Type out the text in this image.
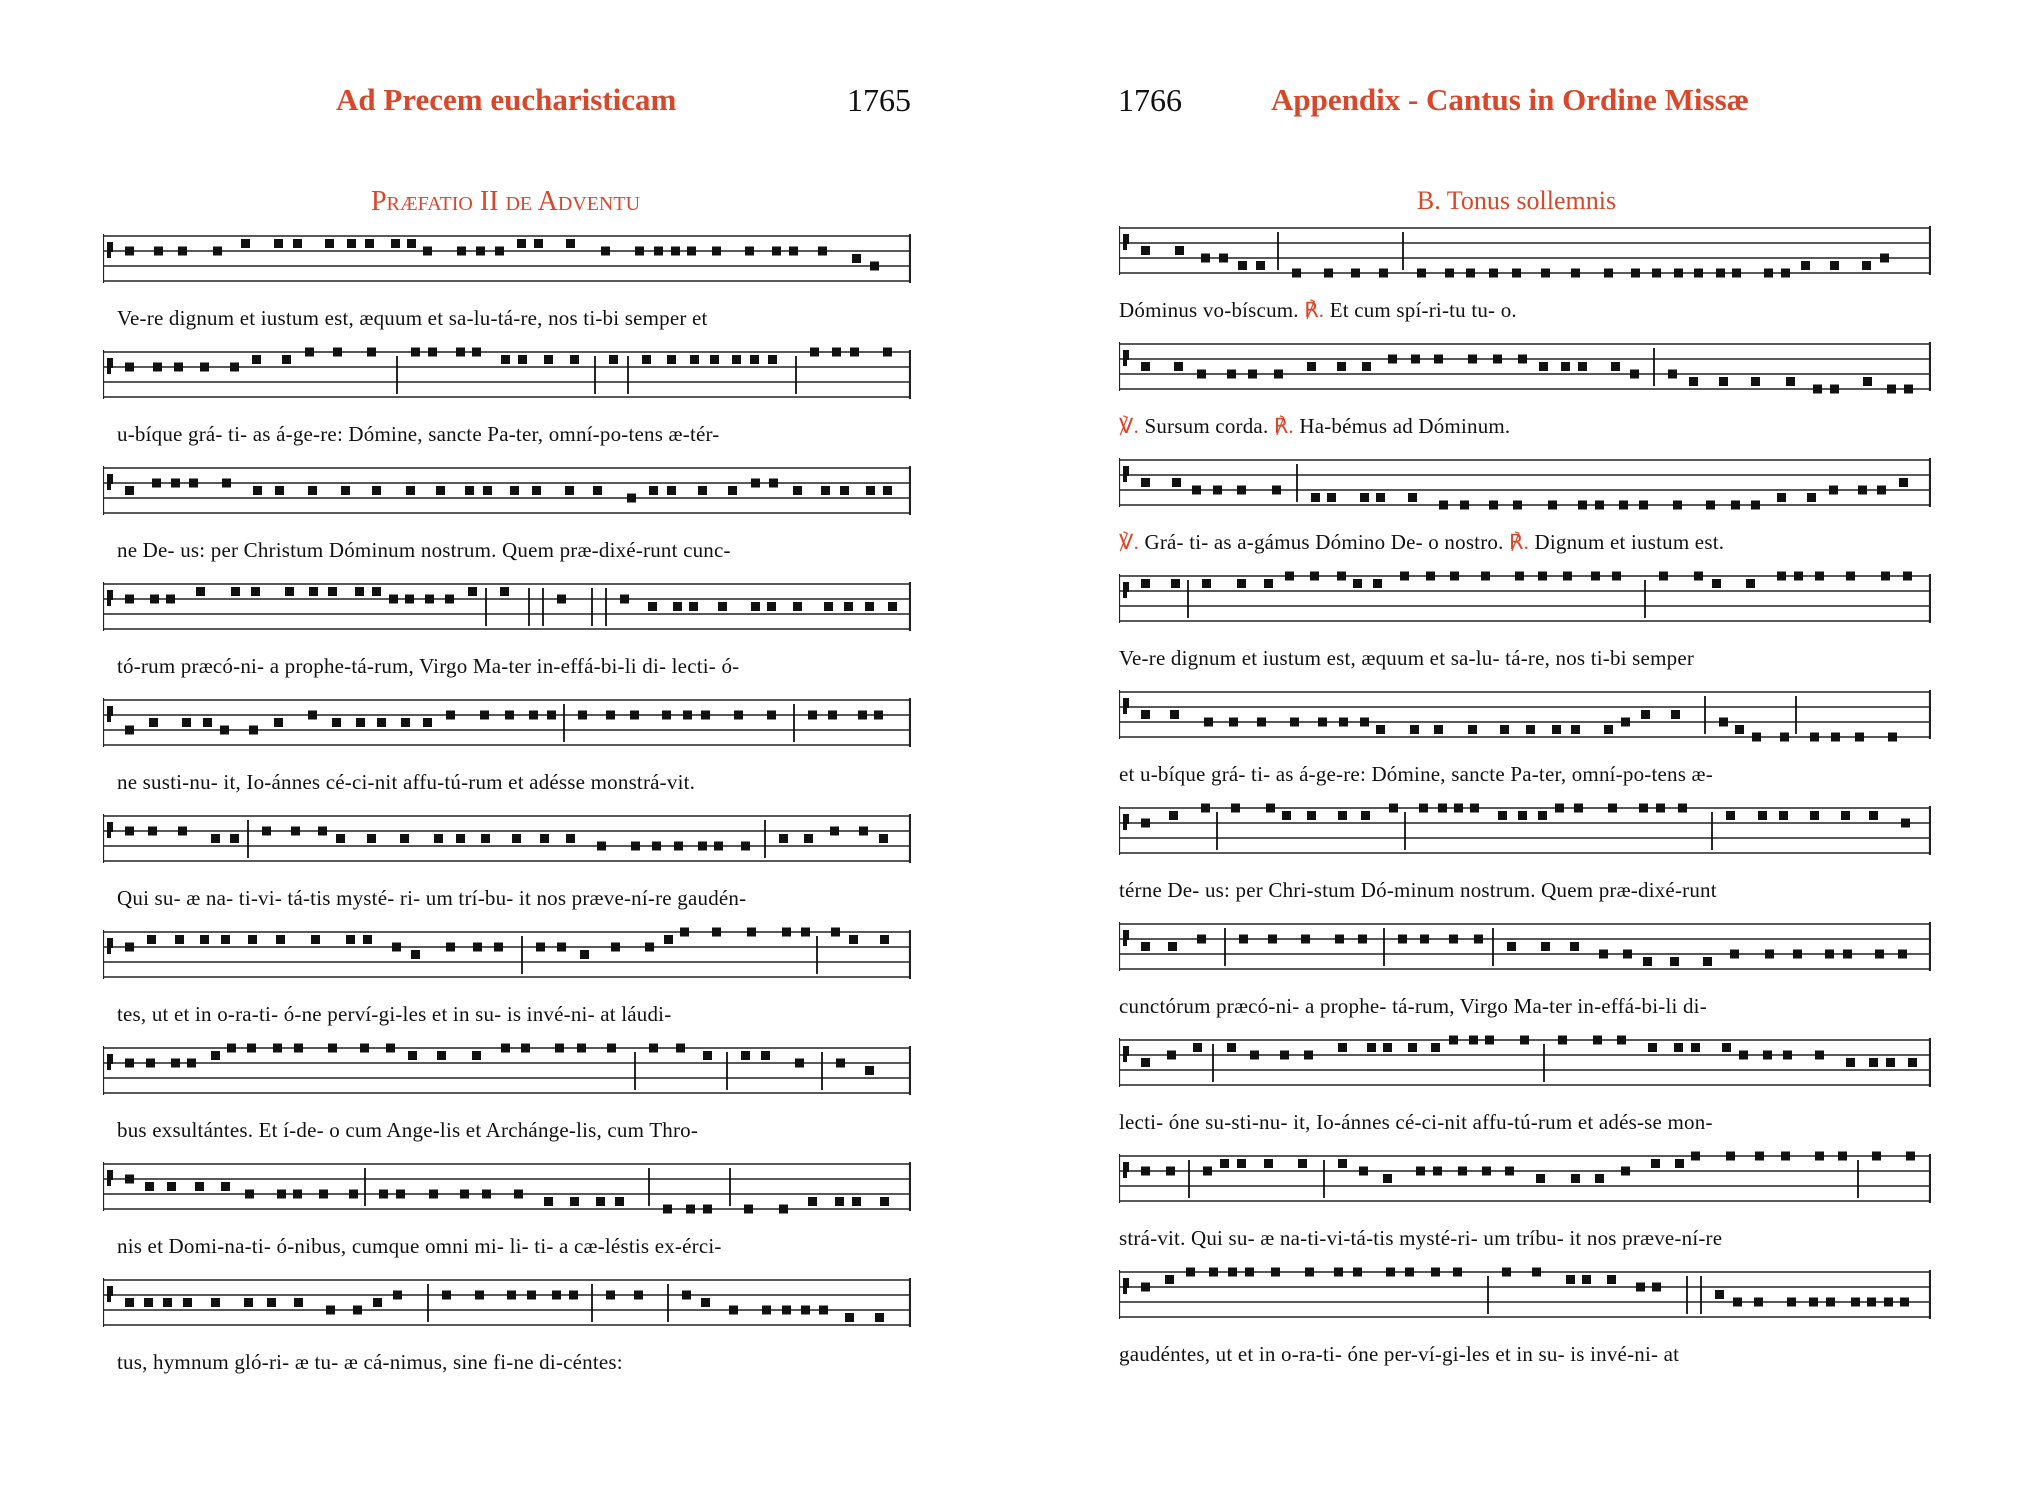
Ad Precem eucharisticam	1765
Præfatio II de Adventu
Ve-re dignum et iustum est, æquum et sa-lu-tá-re, nos ti-bi semper et
u-bíque grá- ti- as á-ge-re: Dómine, sancte Pa-ter, omní-po-tens æ-tér-
ne De- us: per Christum Dóminum nostrum. Quem præ-dixé-runt cunc-
tó-rum præcó-ni- a prophe-tá-rum, Virgo Ma-ter in-effá-bi-li di- lecti- ó-
ne susti-nu- it, Io-ánnes cé-ci-nit affu-tú-rum et adésse monstrá-vit.
Qui su- æ na- ti-vi- tá-tis mysté- ri- um trí-bu- it nos præve-ní-re gaudén-
tes, ut et in o-ra-ti- ó-ne perví-gi-les et in su- is invé-ni- at láudi-
bus exsultántes. Et í-de- o cum Ange-lis et Archánge-lis, cum Thro-
nis et Domi-na-ti- ó-nibus, cumque omni mi- li- ti- a cæ-léstis ex-érci-
tus, hymnum gló-ri- æ tu- æ cá-nimus, sine fi-ne di-céntes:
1766	Appendix - Cantus in Ordine Missæ
B. Tonus sollemnis
Dóminus vo-bíscum. ℟. Et cum spí-ri-tu tu- o.
℣. Sursum corda. ℟. Ha-bémus ad Dóminum.
℣. Grá- ti- as a-gámus Dómino De- o nostro. ℟. Dignum et iustum est.
Ve-re dignum et iustum est, æquum et sa-lu- tá-re, nos ti-bi semper
et u-bíque grá- ti- as á-ge-re: Dómine, sancte Pa-ter, omní-po-tens æ-
térne De- us: per Chri-stum Dó-minum nostrum. Quem præ-dixé-runt
cunctórum præcó-ni- a prophe- tá-rum, Virgo Ma-ter in-effá-bi-li di-
lecti- óne su-sti-nu- it, Io-ánnes cé-ci-nit affu-tú-rum et adés-se mon-
strá-vit. Qui su- æ na-ti-vi-tá-tis mysté-ri- um tríbu- it nos præve-ní-re
gaudéntes, ut et in o-ra-ti- óne per-ví-gi-les et in su- is invé-ni- at
